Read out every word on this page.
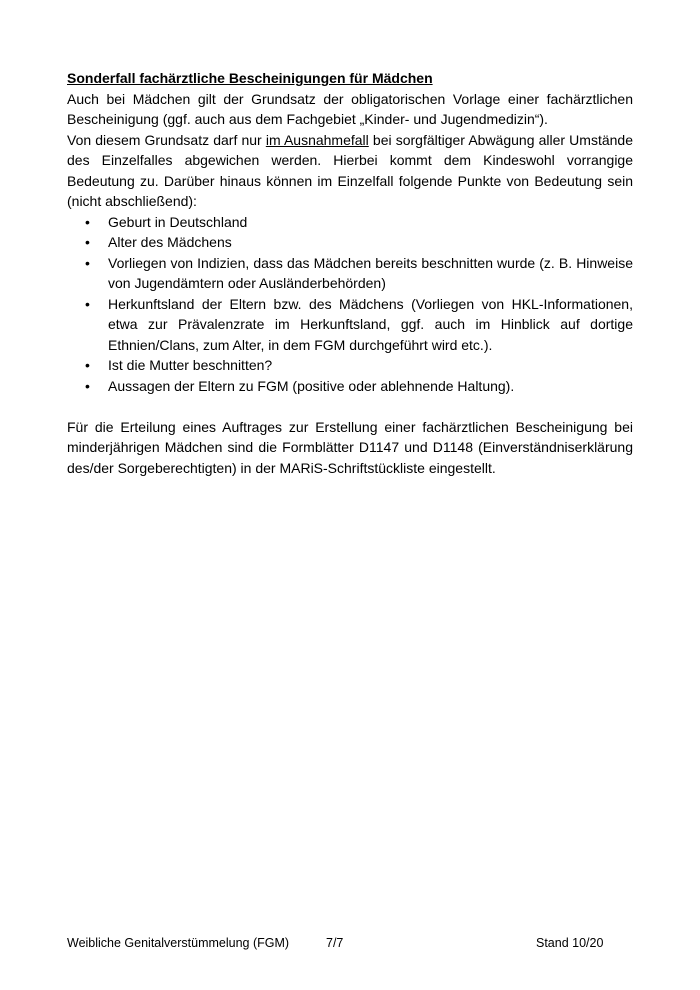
Sonderfall fachärztliche Bescheinigungen für Mädchen

Auch bei Mädchen gilt der Grundsatz der obligatorischen Vorlage einer fachärztlichen Bescheinigung (ggf. auch aus dem Fachgebiet „Kinder- und Jugendmedizin“).

Von diesem Grundsatz darf nur im Ausnahmefall bei sorgfältiger Abwägung aller Umstände des Einzelfalles abgewichen werden. Hierbei kommt dem Kindeswohl vorrangige Bedeutung zu. Darüber hinaus können im Einzelfall folgende Punkte von Bedeutung sein (nicht abschließend):

• Geburt in Deutschland
• Alter des Mädchens
• Vorliegen von Indizien, dass das Mädchen bereits beschnitten wurde (z. B. Hinweise von Jugendämtern oder Ausländerbehörden)
• Herkunftsland der Eltern bzw. des Mädchens (Vorliegen von HKL-Informationen, etwa zur Prävalenzrate im Herkunftsland, ggf. auch im Hinblick auf dortige Ethnien/Clans, zum Alter, in dem FGM durchgeführt wird etc.).
• Ist die Mutter beschnitten?
• Aussagen der Eltern zu FGM (positive oder ablehnende Haltung).

Für die Erteilung eines Auftrages zur Erstellung einer fachärztlichen Bescheinigung bei minderjährigen Mädchen sind die Formblätter D1147 und D1148 (Einverständniserklärung des/der Sorgeberechtigten) in der MARiS-Schriftstückliste eingestellt.

Weibliche Genitalverstümmelung (FGM)	7/7	Stand 10/20
